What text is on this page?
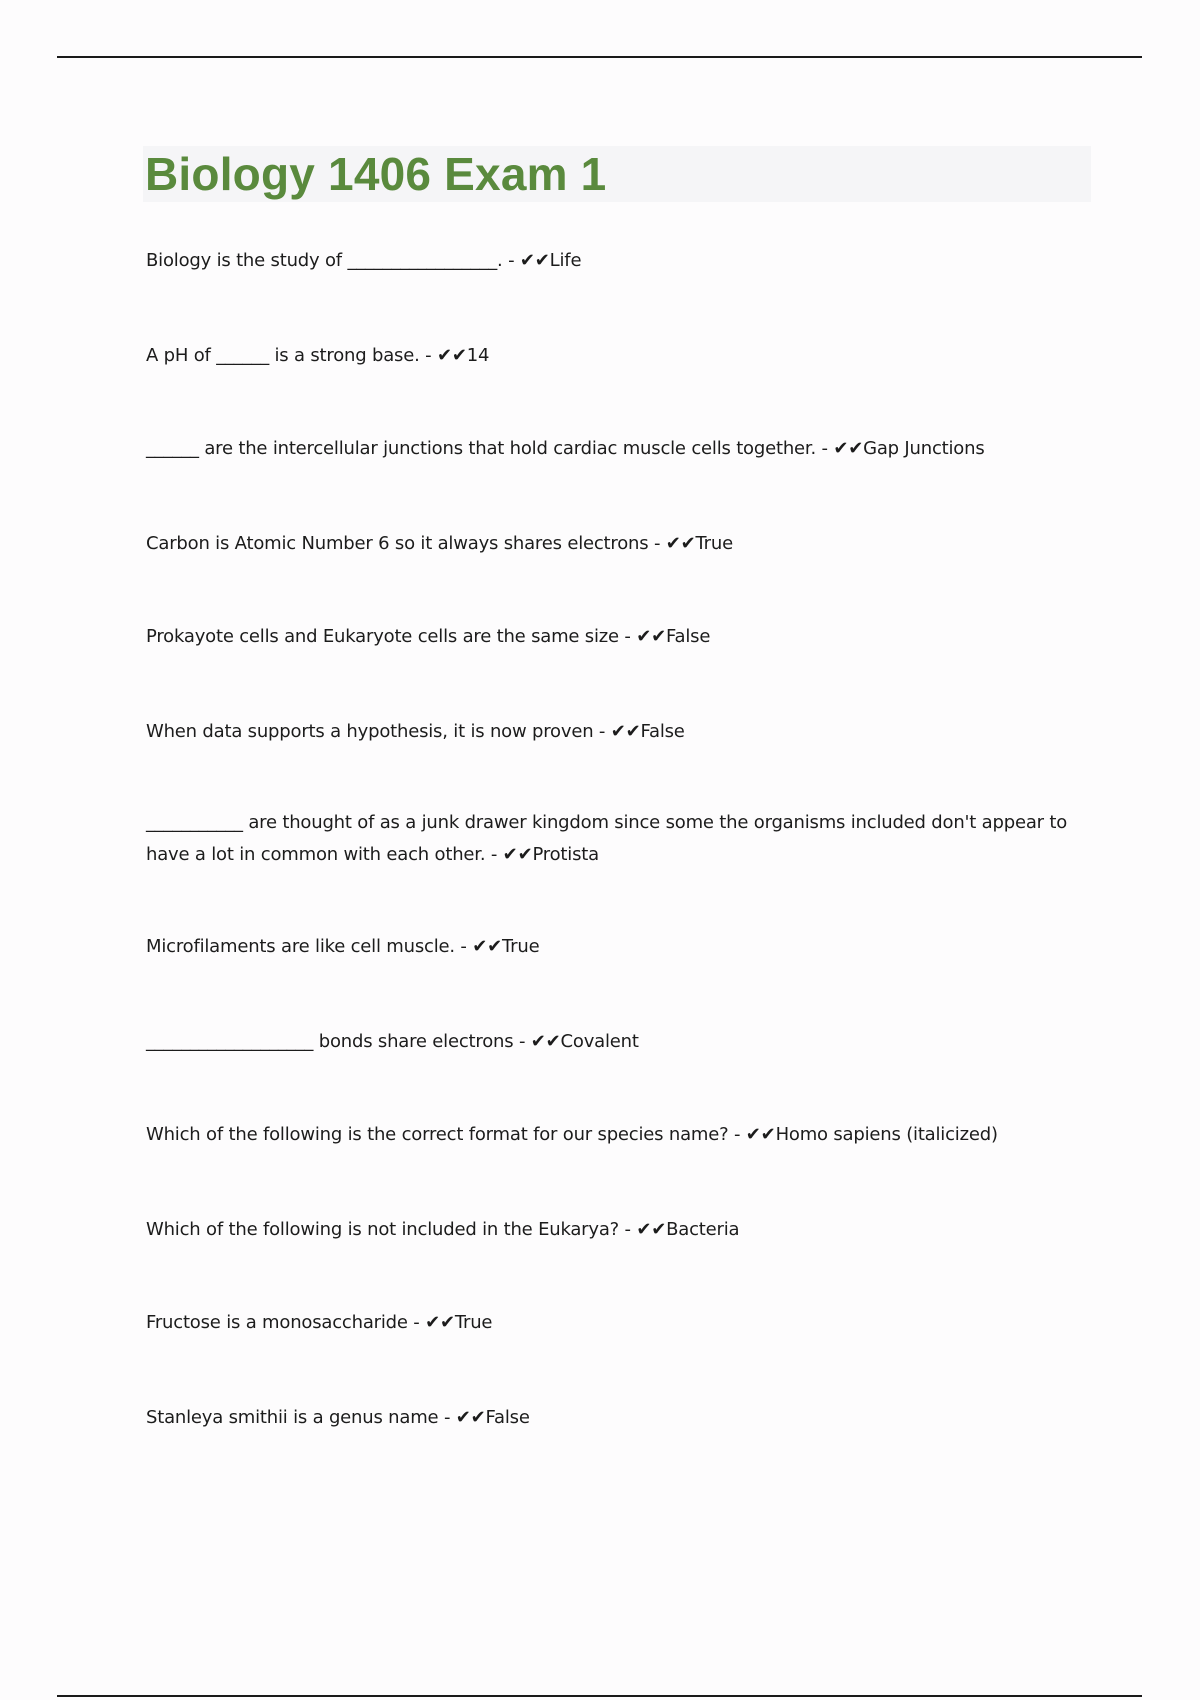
Biology 1406 Exam 1
Biology is the study of _________________. - ✔✔Life
A pH of ______ is a strong base. - ✔✔14
______ are the intercellular junctions that hold cardiac muscle cells together. - ✔✔Gap Junctions
Carbon is Atomic Number 6 so it always shares electrons - ✔✔True
Prokayote cells and Eukaryote cells are the same size - ✔✔False
When data supports a hypothesis, it is now proven - ✔✔False
___________ are thought of as a junk drawer kingdom since some the organisms included don't appear to have a lot in common with each other. - ✔✔Protista
Microfilaments are like cell muscle. - ✔✔True
___________________ bonds share electrons - ✔✔Covalent
Which of the following is the correct format for our species name? - ✔✔Homo sapiens (italicized)
Which of the following is not included in the Eukarya? - ✔✔Bacteria
Fructose is a monosaccharide - ✔✔True
Stanleya smithii is a genus name - ✔✔False
